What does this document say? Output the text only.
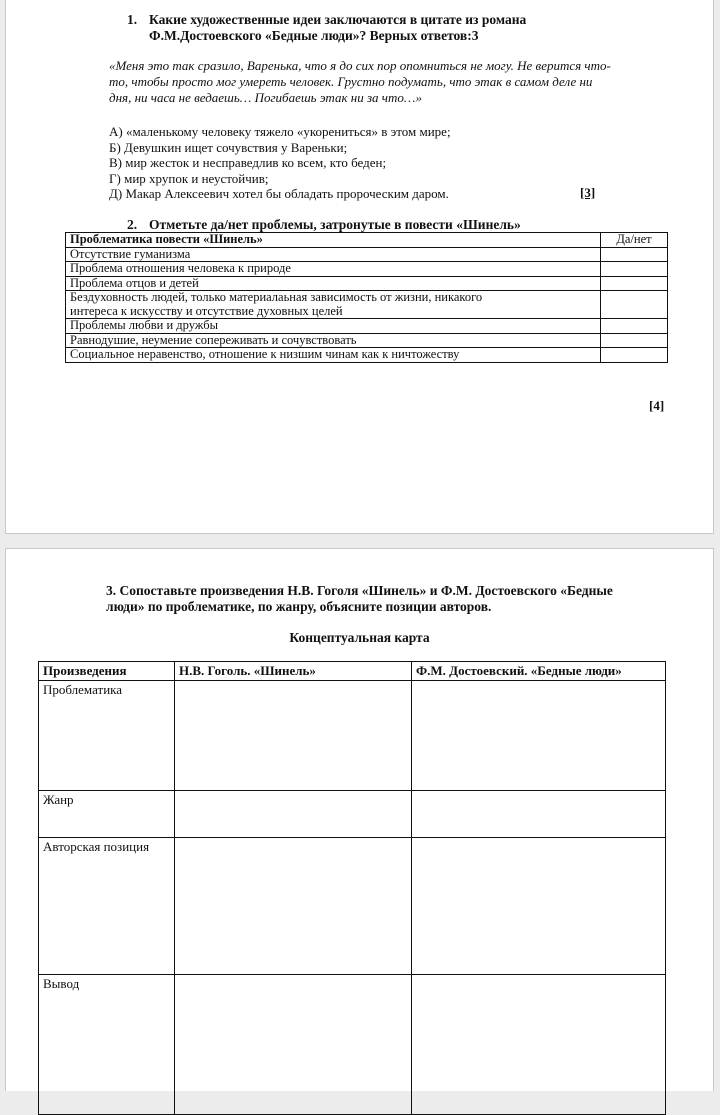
1. Какие художественные идеи заключаются в цитате из романа
Ф.М.Достоевского «Бедные люди»? Верных ответов:3
«Меня это так сразило, Варенька, что я до сих пор опомниться не могу. Не верится что-
то, чтобы просто мог умереть человек. Грустно подумать, что этак в самом деле ни
дня, ни часа не ведаешь… Погибаешь этак ни за что…»
А) «маленькому человеку тяжело «укорениться» в этом мире;
Б) Девушкин ищет сочувствия у Вареньки;
В) мир жесток и несправедлив ко всем, кто беден;
Г) мир хрупок и неустойчив;
Д) Макар Алексеевич хотел бы обладать пророческим даром.	[3]
2. Отметьте да/нет проблемы, затронутые в повести «Шинель»
Проблематика повести «Шинель»	Да/нет
Отсутствие гуманизма	
Проблема отношения человека к природе	
Проблема отцов и детей	

Бездуховность людей, только материалаьная зависимость от жизни, никакого
интереса к искусству и отсутствие духовных целей	

Проблемы любви и дружбы	
Равнодушие, неумение сопереживать и сочувствовать	
Социальное неравенство, отношение к низшим чинам как к ничтожеству	
[4]
3. Сопоставьте произведения Н.В. Гоголя «Шинель» и Ф.М. Достоевского «Бедные
люди» по проблематике, по жанру, объясните позиции авторов.
Концептуальная карта
Произведения	Н.В. Гоголь. «Шинель»	Ф.М. Достоевский. «Бедные люди»
Проблематика		
Жанр		
Авторская позиция		
Вывод		
